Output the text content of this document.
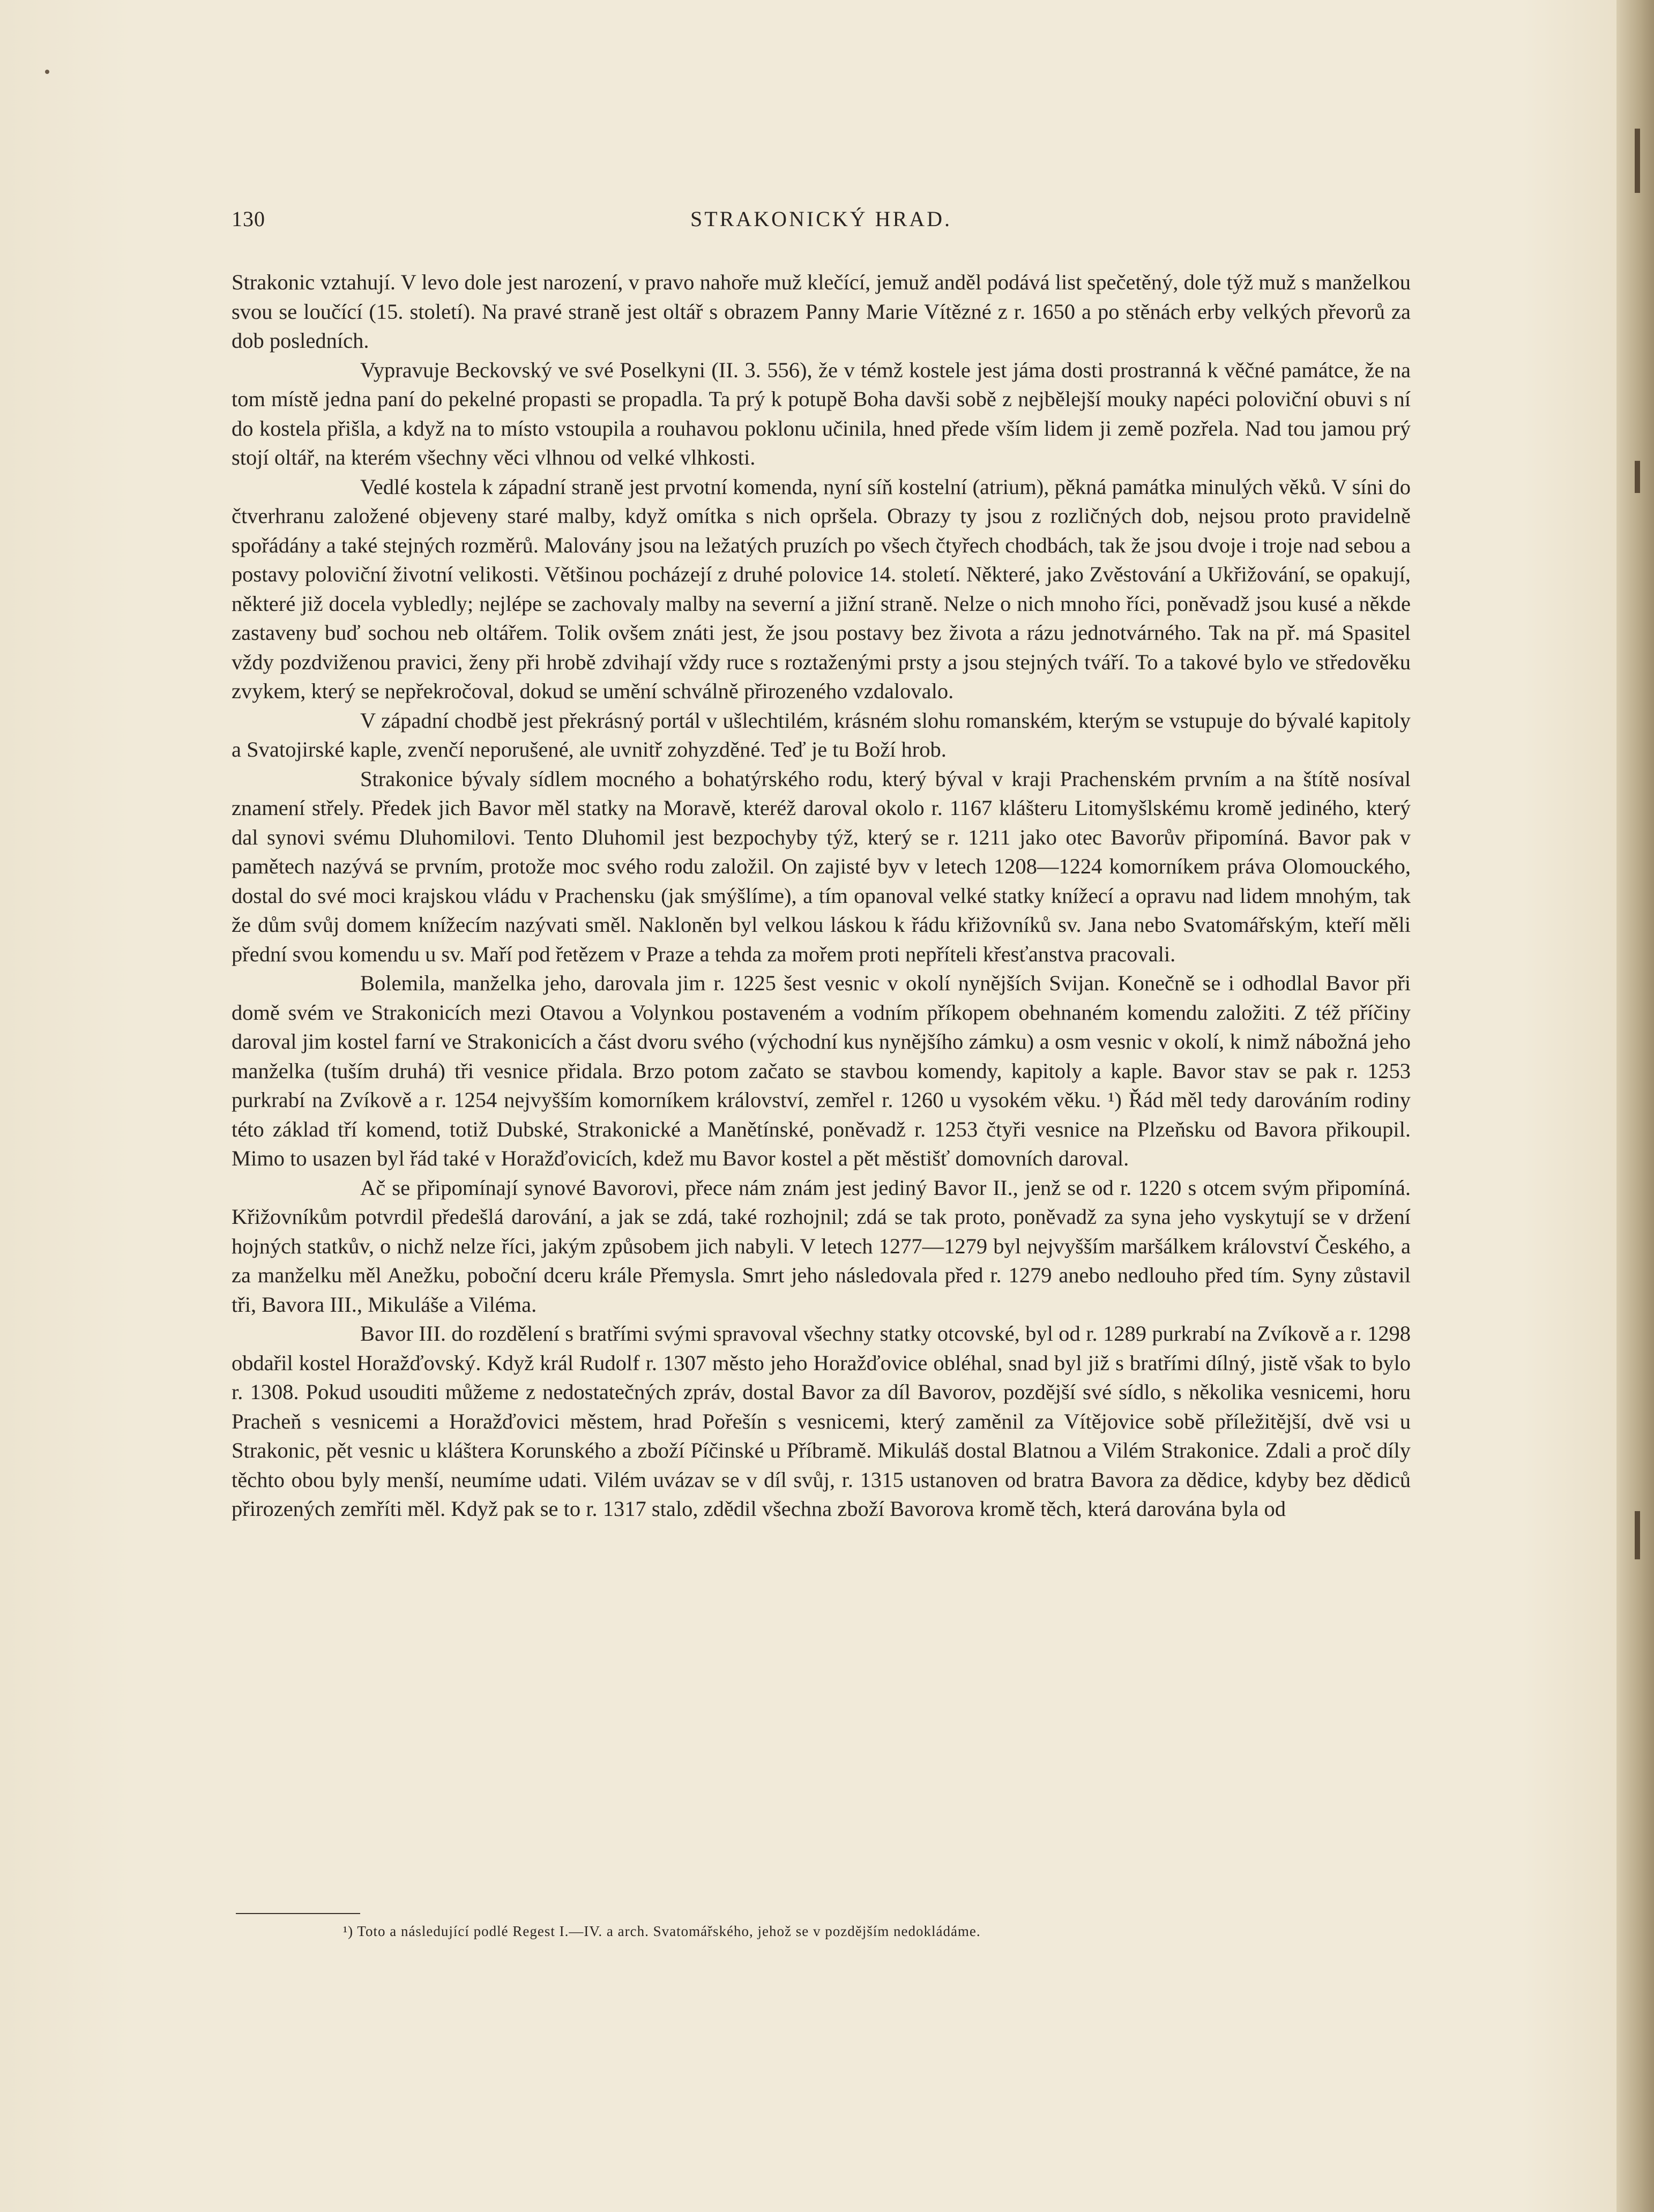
130	STRAKONICKÝ HRAD.

Strakonic vztahují. V levo dole jest narození, v pravo nahoře muž klečící, jemuž anděl podává list spečetěný, dole týž muž s manželkou svou se loučící (15. století). Na pravé straně jest oltář s obrazem Panny Marie Vítězné z r. 1650 a po stěnách erby velkých převorů za dob posledních.

Vypravuje Beckovský ve své Poselkyni (II. 3. 556), že v témž kostele jest jáma dosti prostranná k věčné památce, že na tom místě jedna paní do pekelné propasti se propadla. Ta prý k potupě Boha davši sobě z nejbělejší mouky napéci poloviční obuvi s ní do kostela přišla, a když na to místo vstoupila a rouhavou poklonu učinila, hned přede vším lidem ji země pozřela. Nad tou jamou prý stojí oltář, na kterém všechny věci vlhnou od velké vlhkosti.

Vedlé kostela k západní straně jest prvotní komenda, nyní síň kostelní (atrium), pěkná památka minulých věků. V síni do čtverhranu založené objeveny staré malby, když omítka s nich opršela. Obrazy ty jsou z rozličných dob, nejsou proto pravidelně spořádány a také stejných rozměrů. Malovány jsou na ležatých pruzích po všech čtyřech chodbách, tak že jsou dvoje i troje nad sebou a postavy poloviční životní velikosti. Většinou pocházejí z druhé polovice 14. století. Některé, jako Zvěstování a Ukřižování, se opakují, některé již docela vybledly; nejlépe se zachovaly malby na severní a jižní straně. Nelze o nich mnoho říci, poněvadž jsou kusé a někde zastaveny buď sochou neb oltářem. Tolik ovšem znáti jest, že jsou postavy bez života a rázu jednotvárného. Tak na př. má Spasitel vždy pozdviženou pravici, ženy při hrobě zdvihají vždy ruce s roztaženými prsty a jsou stejných tváří. To a takové bylo ve středověku zvykem, který se nepřekročoval, dokud se umění schválně přirozeného vzdalovalo.

V západní chodbě jest překrásný portál v ušlechtilém, krásném slohu romanském, kterým se vstupuje do bývalé kapitoly a Svatojirské kaple, zvenčí neporušené, ale uvnitř zohyzděné. Teď je tu Boží hrob.

Strakonice bývaly sídlem mocného a bohatýrského rodu, který býval v kraji Prachenském prvním a na štítě nosíval znamení střely. Předek jich Bavor měl statky na Moravě, kteréž daroval okolo r. 1167 klášteru Litomyšlskému kromě jediného, který dal synovi svému Dluhomilovi. Tento Dluhomil jest bezpochyby týž, který se r. 1211 jako otec Bavorův připomíná. Bavor pak v pamětech nazývá se prvním, protože moc svého rodu založil. On zajisté byv v letech 1208—1224 komorníkem práva Olomouckého, dostal do své moci krajskou vládu v Prachensku (jak smýšlíme), a tím opanoval velké statky knížecí a opravu nad lidem mnohým, tak že dům svůj domem knížecím nazývati směl. Nakloněn byl velkou láskou k řádu křižovníků sv. Jana nebo Svatomářským, kteří měli přední svou komendu u sv. Maří pod řetězem v Praze a tehda za mořem proti nepříteli křesťanstva pracovali.

Bolemila, manželka jeho, darovala jim r. 1225 šest vesnic v okolí nynějších Svijan. Konečně se i odhodlal Bavor při domě svém ve Strakonicích mezi Otavou a Volynkou postaveném a vodním příkopem obehnaném komendu založiti. Z též příčiny daroval jim kostel farní ve Strakonicích a část dvoru svého (východní kus nynějšího zámku) a osm vesnic v okolí, k nimž nábožná jeho manželka (tuším druhá) tři vesnice přidala. Brzo potom začato se stavbou komendy, kapitoly a kaple. Bavor stav se pak r. 1253 purkrabí na Zvíkově a r. 1254 nejvyšším komorníkem království, zemřel r. 1260 u vysokém věku. ¹) Řád měl tedy darováním rodiny této základ tří komend, totiž Dubské, Strakonické a Manětínské, poněvadž r. 1253 čtyři vesnice na Plzeňsku od Bavora přikoupil. Mimo to usazen byl řád také v Horažďovicích, kdež mu Bavor kostel a pět městišť domovních daroval.

Ač se připomínají synové Bavorovi, přece nám znám jest jediný Bavor II., jenž se od r. 1220 s otcem svým připomíná. Křižovníkům potvrdil předešlá darování, a jak se zdá, také rozhojnil; zdá se tak proto, poněvadž za syna jeho vyskytují se v držení hojných statkův, o nichž nelze říci, jakým způsobem jich nabyli. V letech 1277—1279 byl nejvyšším maršálkem království Českého, a za manželku měl Anežku, poboční dceru krále Přemysla. Smrt jeho následovala před r. 1279 anebo nedlouho před tím. Syny zůstavil tři, Bavora III., Mikuláše a Viléma.

Bavor III. do rozdělení s bratřími svými spravoval všechny statky otcovské, byl od r. 1289 purkrabí na Zvíkově a r. 1298 obdařil kostel Horažďovský. Když král Rudolf r. 1307 město jeho Horažďovice obléhal, snad byl již s bratřími dílný, jistě však to bylo r. 1308. Pokud usouditi můžeme z nedostatečných zpráv, dostal Bavor za díl Bavorov, pozdější své sídlo, s několika vesnicemi, horu Pracheň s vesnicemi a Horažďovici městem, hrad Pořešín s vesnicemi, který zaměnil za Vítějovice sobě příležitější, dvě vsi u Strakonic, pět vesnic u kláštera Korunského a zboží Píčinské u Příbramě. Mikuláš dostal Blatnou a Vilém Strakonice. Zdali a proč díly těchto obou byly menší, neumíme udati. Vilém uvázav se v díl svůj, r. 1315 ustanoven od bratra Bavora za dědice, kdyby bez dědiců přirozených zemříti měl. Když pak se to r. 1317 stalo, zdědil všechna zboží Bavorova kromě těch, která darována byla od

¹) Toto a následující podlé Regest I.—IV. a arch. Svatomářského, jehož se v pozdějším nedokládáme.
